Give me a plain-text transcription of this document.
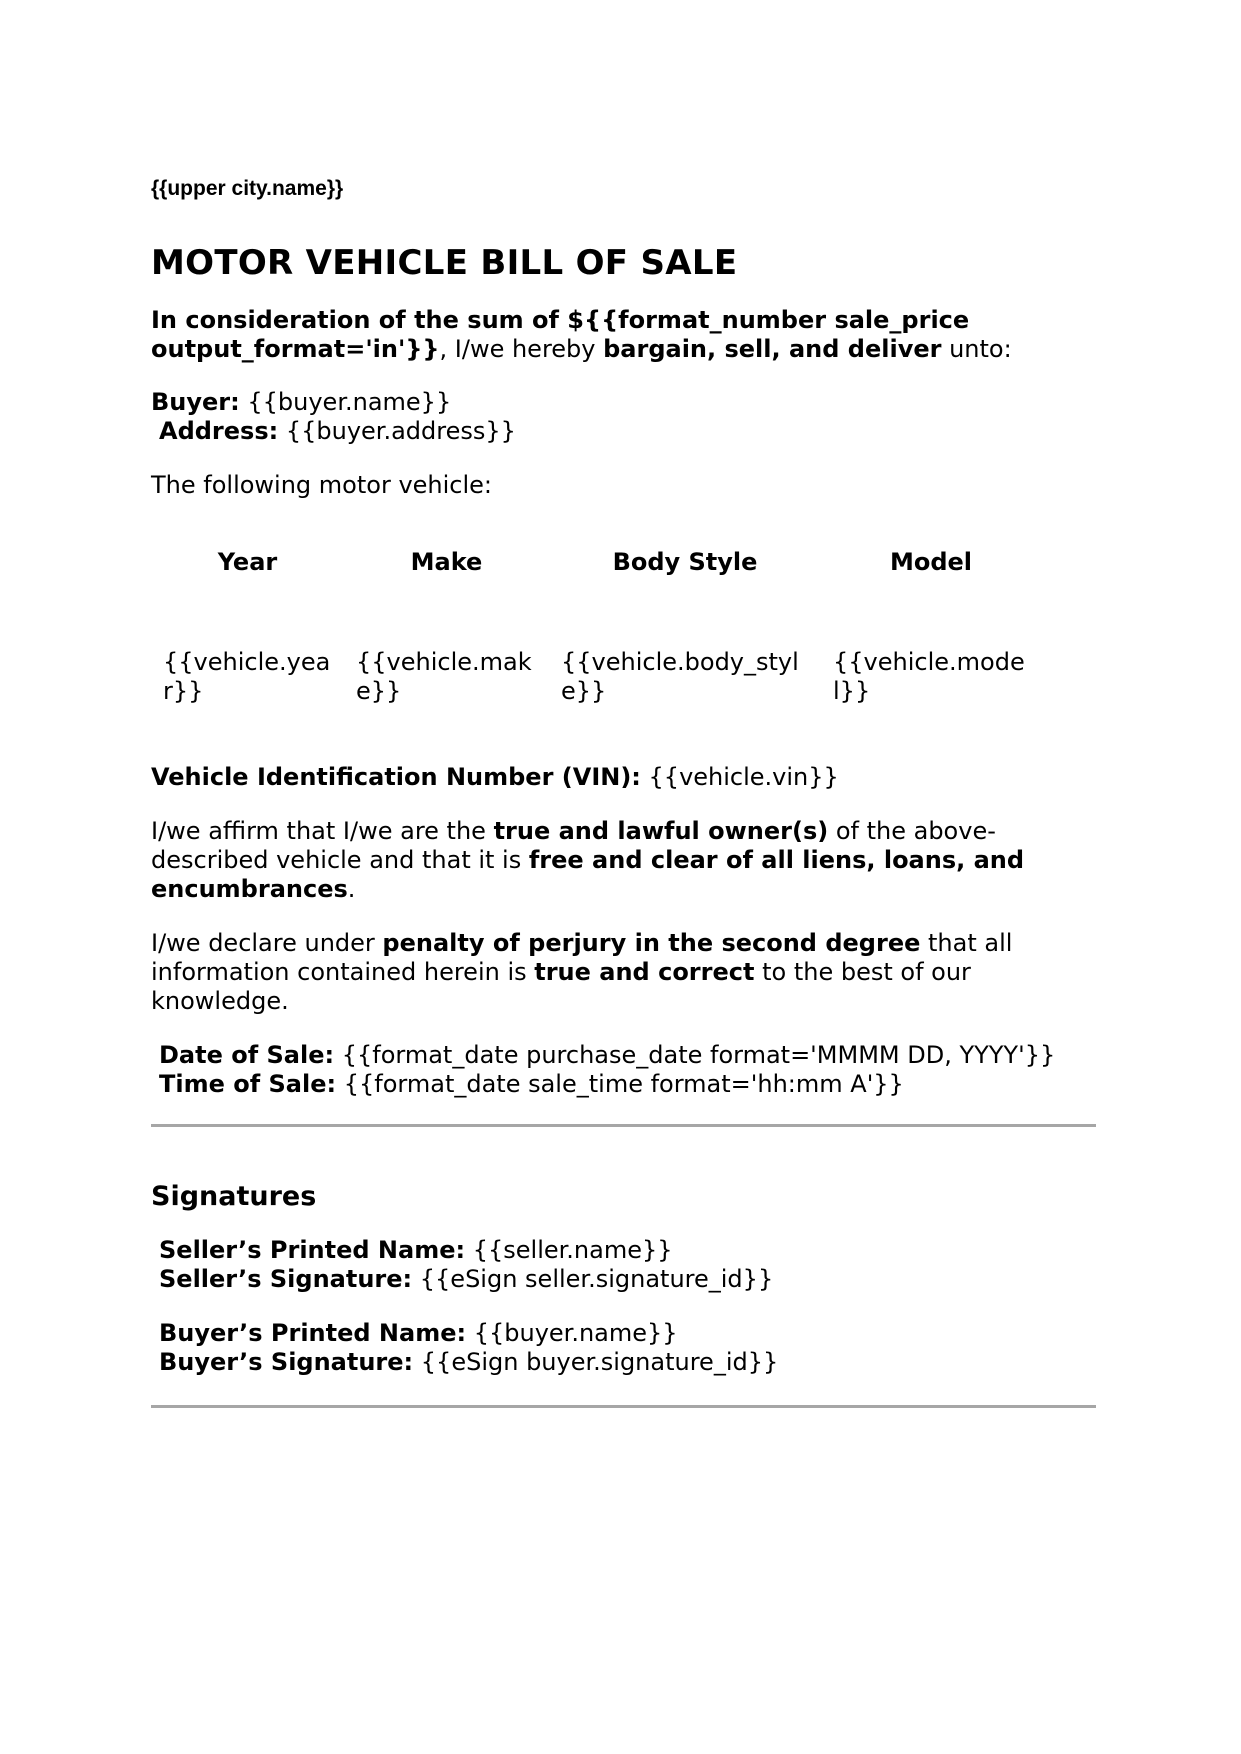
{{upper city.name}}
MOTOR VEHICLE BILL OF SALE

In consideration of the sum of ${{format_number sale_price output_format='in'}}, I/we hereby bargain, sell, and deliver unto:

Buyer: {{buyer.name}}

Address: {{buyer.address}}

The following motor vehicle:

Year	Make	Body Style	Model

{{vehicle.year}}	{{vehicle.make}}	{{vehicle.body_style}}	{{vehicle.model}}

Vehicle Identification Number (VIN): {{vehicle.vin}}

I/we affirm that I/we are the true and lawful owner(s) of the above-described vehicle and that it is free and clear of all liens, loans, and encumbrances.

I/we declare under penalty of perjury in the second degree that all information contained herein is true and correct to the best of our knowledge.

Date of Sale: {{format_date purchase_date format='MMMM DD, YYYY'}}

Time of Sale: {{format_date sale_time format='hh:mm A'}}

Signatures

Seller’s Printed Name: {{seller.name}}

Seller’s Signature: {{eSign seller.signature_id}}

Buyer’s Printed Name: {{buyer.name}}

Buyer’s Signature: {{eSign buyer.signature_id}}
